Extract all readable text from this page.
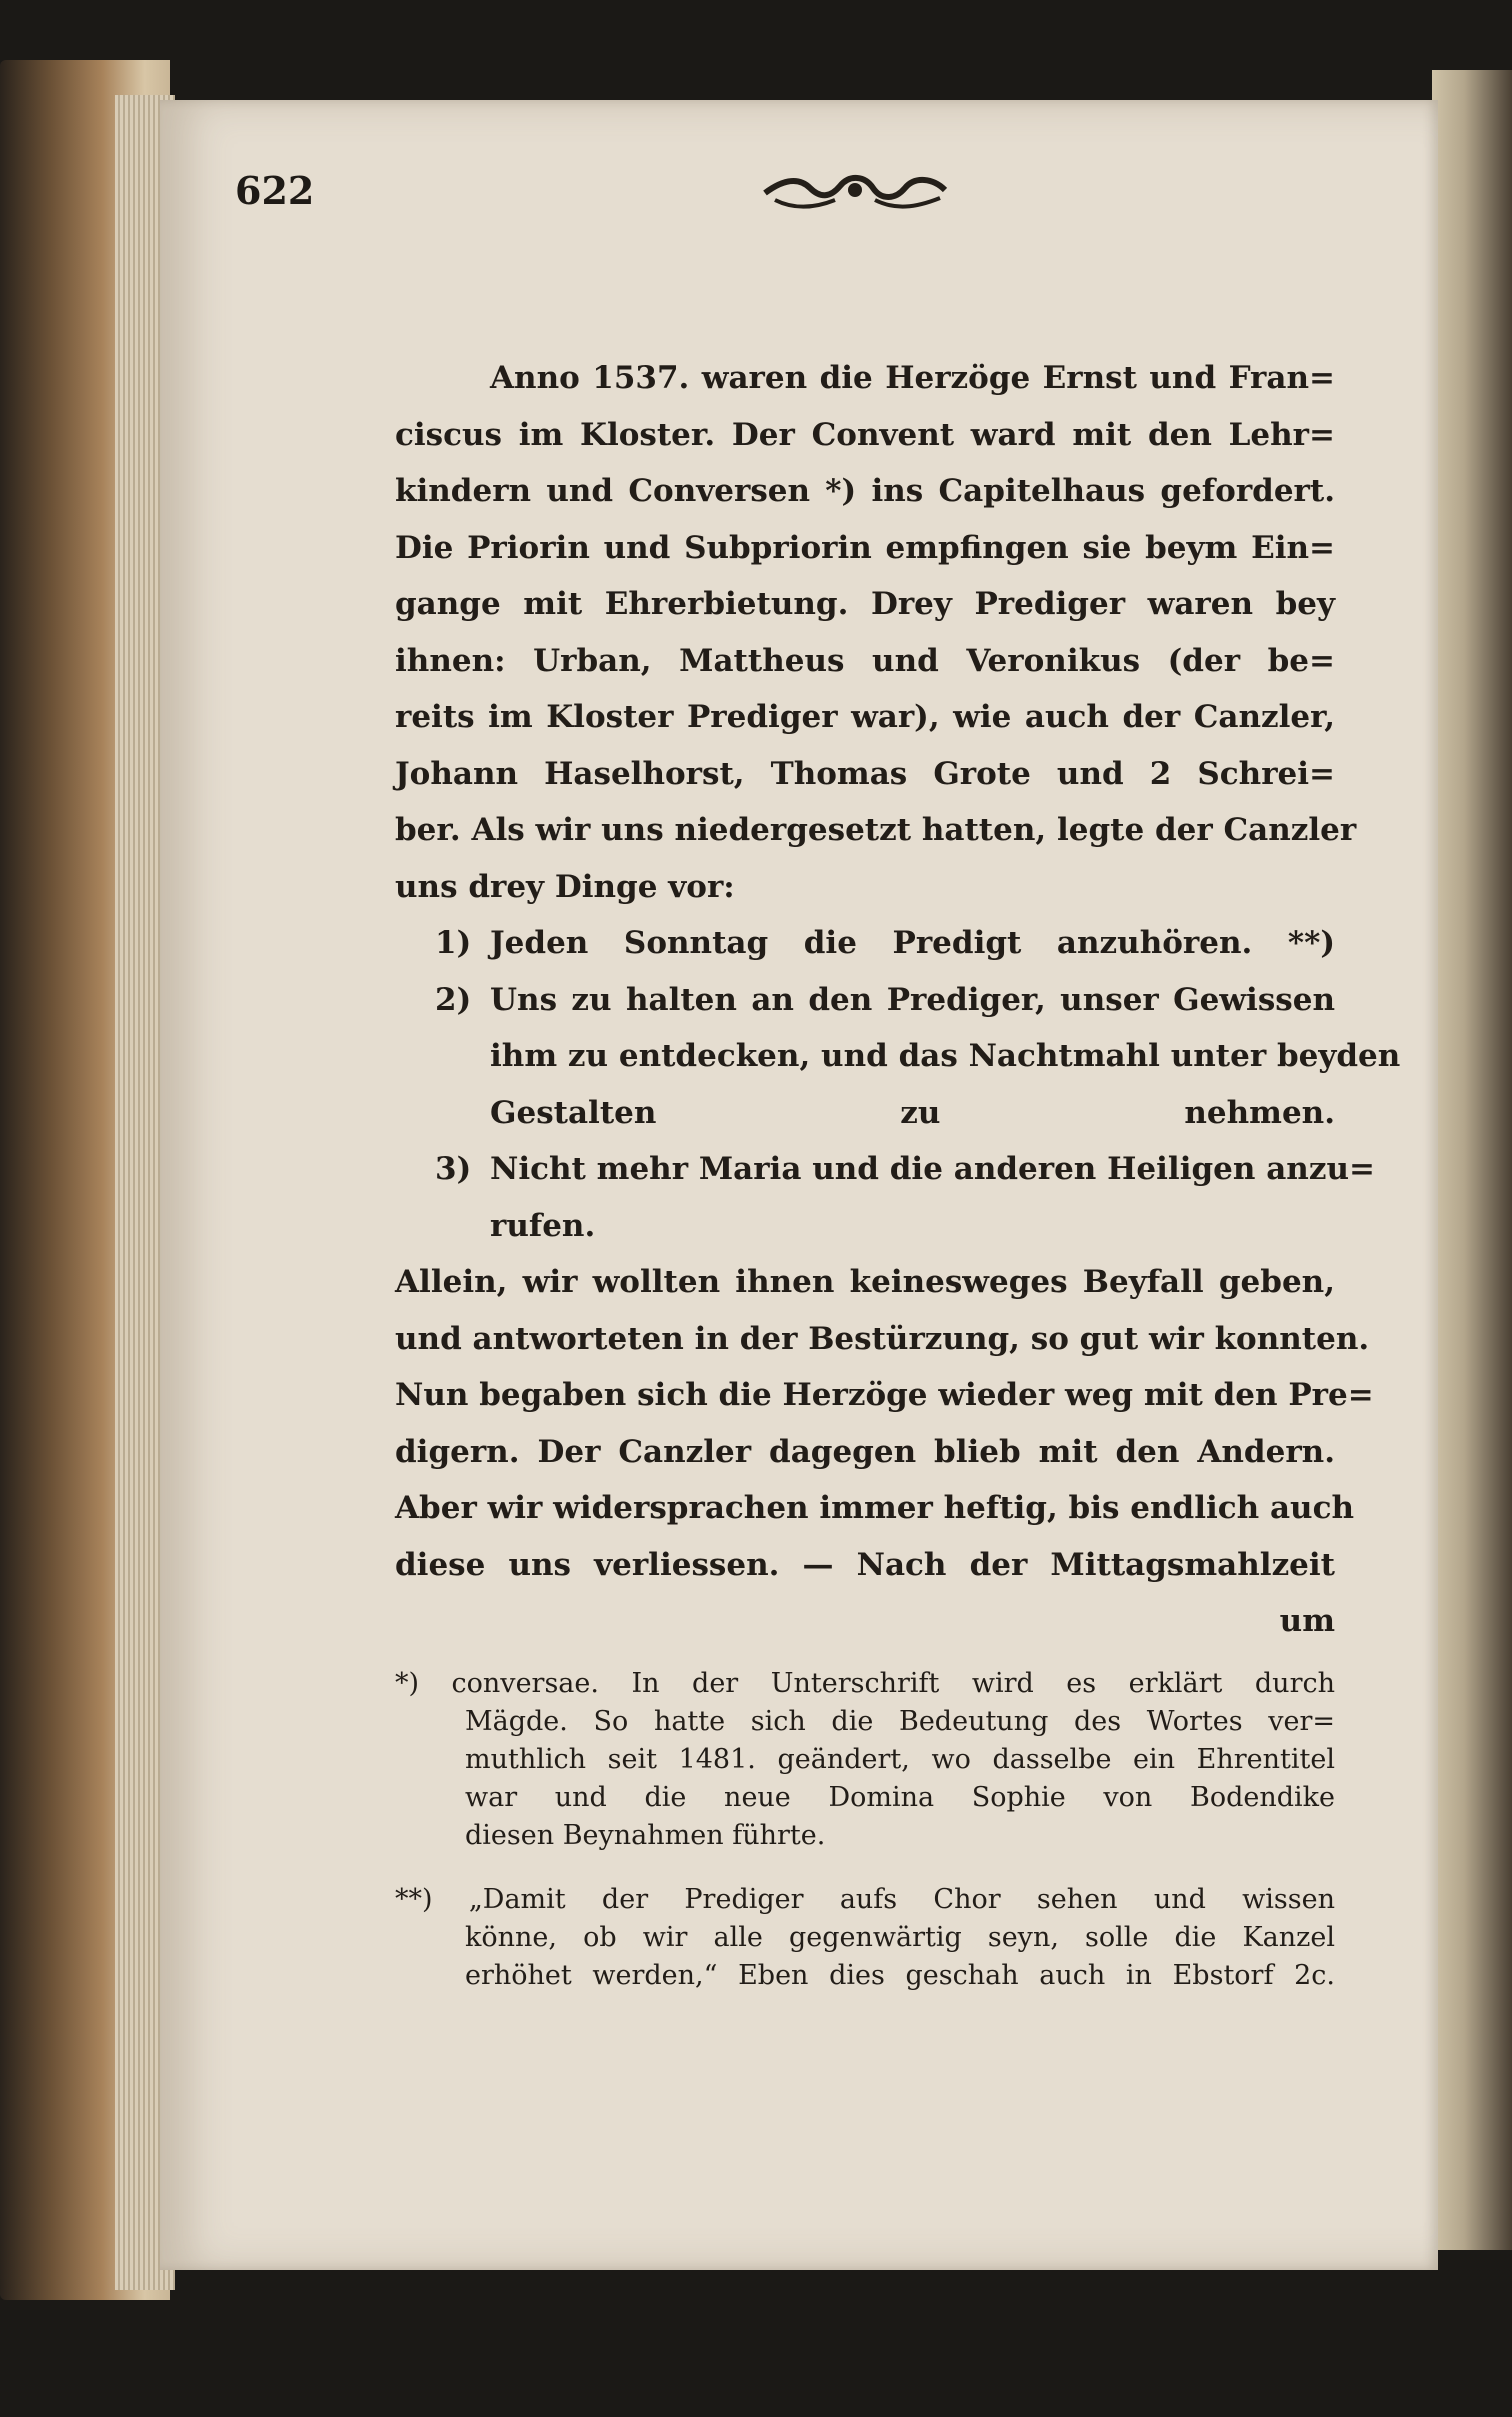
622
Anno 1537. waren die Herzöge Ernst und Fran=
ciscus im Kloster. Der Convent ward mit den Lehr=
kindern und Conversen *) ins Capitelhaus gefordert.
Die Priorin und Subpriorin empfingen sie beym Ein=
gange mit Ehrerbietung. Drey Prediger waren bey
ihnen: Urban, Mattheus und Veronikus (der be=
reits im Kloster Prediger war), wie auch der Canzler,
Johann Haselhorst, Thomas Grote und 2 Schrei=
ber. Als wir uns niedergesetzt hatten, legte der Canzler
uns drey Dinge vor:
1) Jeden Sonntag die Predigt anzuhören. **)
2) Uns zu halten an den Prediger, unser Gewissen
ihm zu entdecken, und das Nachtmahl unter beyden
Gestalten zu nehmen.
3) Nicht mehr Maria und die anderen Heiligen anzu=
rufen.
Allein, wir wollten ihnen keinesweges Beyfall geben,
und antworteten in der Bestürzung, so gut wir konnten.
Nun begaben sich die Herzöge wieder weg mit den Pre=
digern. Der Canzler dagegen blieb mit den Andern.
Aber wir widersprachen immer heftig, bis endlich auch
diese uns verliessen. — Nach der Mittagsmahlzeit
um
*) conversae. In der Unterschrift wird es erklärt durch
Mägde. So hatte sich die Bedeutung des Wortes ver=
muthlich seit 1481. geändert, wo dasselbe ein Ehrentitel
war und die neue Domina Sophie von Bodendike
diesen Beynahmen führte.
**) „Damit der Prediger aufs Chor sehen und wissen
könne, ob wir alle gegenwärtig seyn, solle die Kanzel
erhöhet werden,“ Eben dies geschah auch in Ebstorf 2c.
